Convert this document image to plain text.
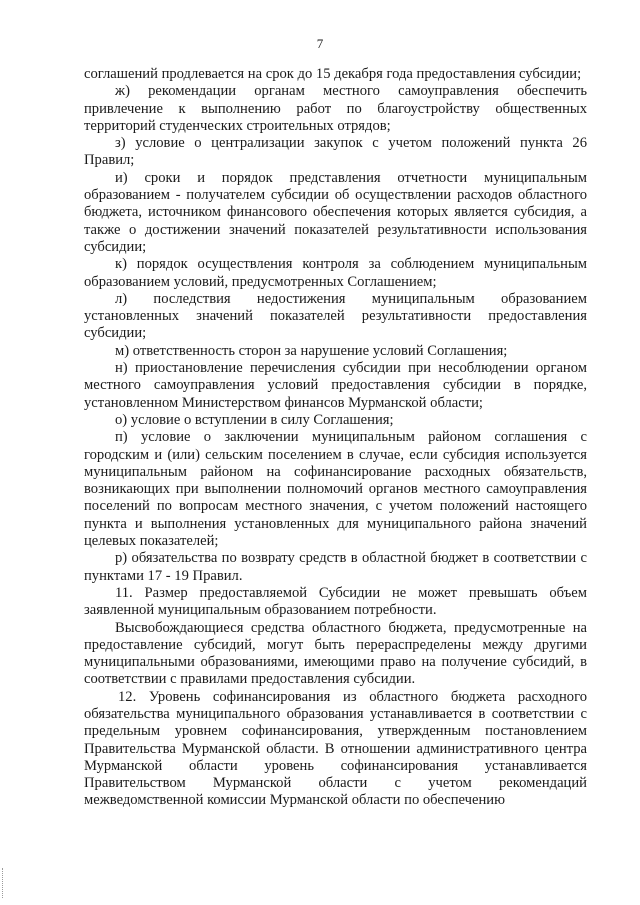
7

соглашений продлевается на срок до 15 декабря года предоставления субсидии;

ж) рекомендации органам местного самоуправления обеспечить привлечение к выполнению работ по благоустройству общественных территорий студенческих строительных отрядов;

з) условие о централизации закупок с учетом положений пункта 26 Правил;

и) сроки и порядок представления отчетности муниципальным образованием - получателем субсидии об осуществлении расходов областного бюджета, источником финансового обеспечения которых является субсидия, а также о достижении значений показателей результативности использования субсидии;

к) порядок осуществления контроля за соблюдением муниципальным образованием условий, предусмотренных Соглашением;

л) последствия недостижения муниципальным образованием установленных значений показателей результативности предоставления субсидии;

м) ответственность сторон за нарушение условий Соглашения;

н) приостановление перечисления субсидии при несоблюдении органом местного самоуправления условий предоставления субсидии в порядке, установленном Министерством финансов Мурманской области;

о) условие о вступлении в силу Соглашения;

п) условие о заключении муниципальным районом соглашения с городским и (или) сельским поселением в случае, если субсидия используется муниципальным районом на софинансирование расходных обязательств, возникающих при выполнении полномочий органов местного самоуправления поселений по вопросам местного значения, с учетом положений настоящего пункта и выполнения установленных для муниципального района значений целевых показателей;

р) обязательства по возврату средств в областной бюджет в соответствии с пунктами 17 - 19 Правил.

11. Размер предоставляемой Субсидии не может превышать объем заявленной муниципальным образованием потребности.

Высвобождающиеся средства областного бюджета, предусмотренные на предоставление субсидий, могут быть перераспределены между другими муниципальными образованиями, имеющими право на получение субсидий, в соответствии с правилами предоставления субсидии.

12. Уровень софинансирования из областного бюджета расходного обязательства муниципального образования устанавливается в соответствии с предельным уровнем софинансирования, утвержденным постановлением Правительства Мурманской области. В отношении административного центра Мурманской области уровень софинансирования устанавливается Правительством Мурманской области с учетом рекомендаций межведомственной комиссии Мурманской области по обеспечению
